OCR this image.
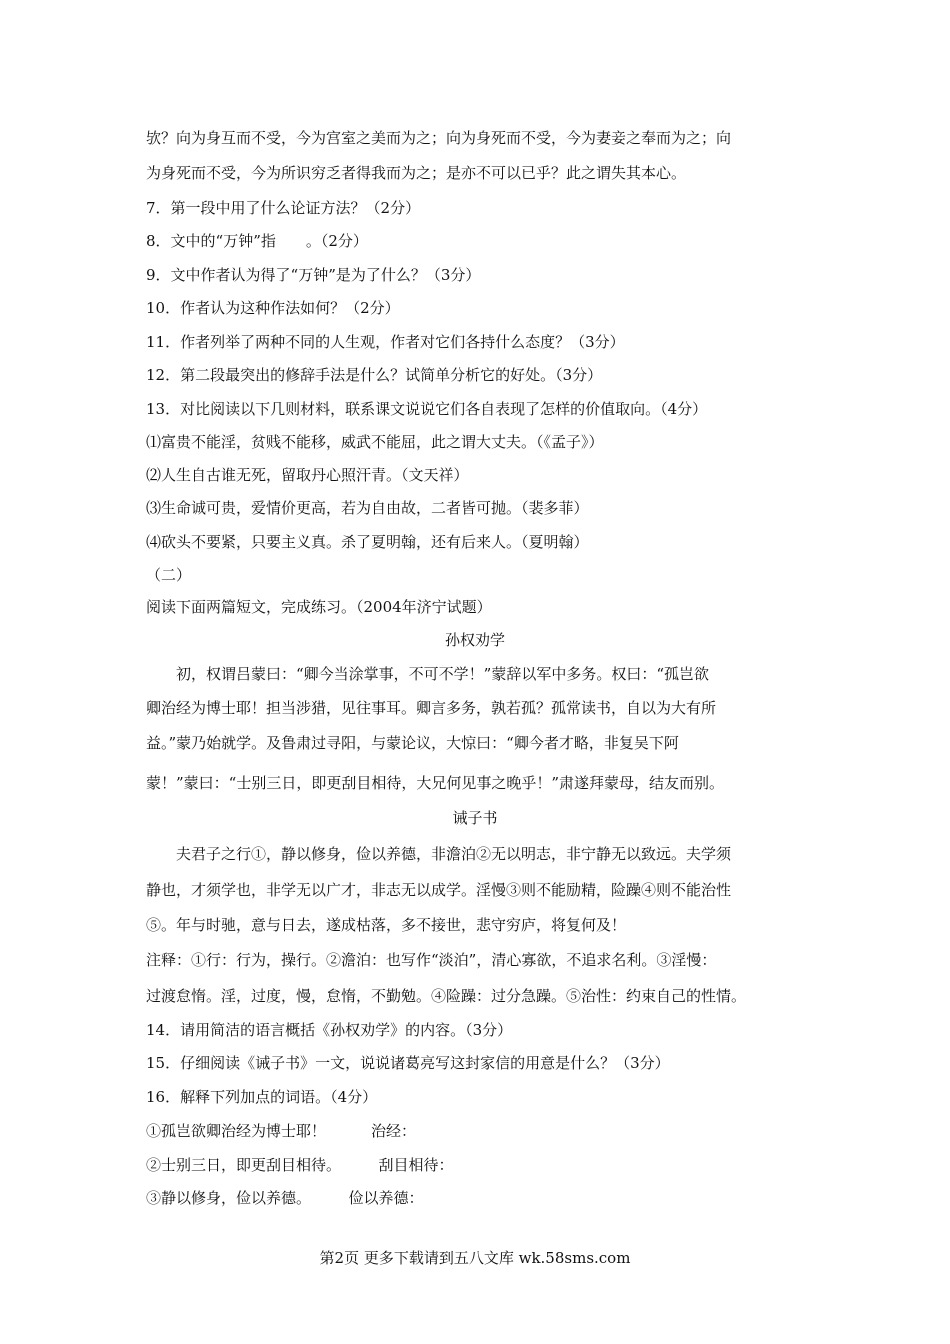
欤？向为身互而不受，今为宫室之美而为之；向为身死而不受，今为妻妾之奉而为之；向
为身死而不受，今为所识穷乏者得我而为之；是亦不可以已乎？此之谓失其本心。
7．第一段中用了什么论证方法？（2分）
8．文中的“万钟”指　　。（2分）
9．文中作者认为得了“万钟”是为了什么？（3分）
10．作者认为这种作法如何？（2分）
11．作者列举了两种不同的人生观，作者对它们各持什么态度？（3分）
12．第二段最突出的修辞手法是什么？试简单分析它的好处。（3分）
13．对比阅读以下几则材料，联系课文说说它们各自表现了怎样的价值取向。（4分）
⑴富贵不能淫，贫贱不能移，威武不能屈，此之谓大丈夫。（《孟子》）
⑵人生自古谁无死，留取丹心照汗青。（文天祥）
⑶生命诚可贵，爱情价更高，若为自由故，二者皆可抛。（裴多菲）
⑷砍头不要紧，只要主义真。杀了夏明翰，还有后来人。（夏明翰）
（二）
阅读下面两篇短文，完成练习。（2004年济宁试题）
孙权劝学
　　初，权谓吕蒙曰：“卿今当涂掌事，不可不学！”蒙辞以军中多务。权曰：“孤岂欲
卿治经为博士耶！担当涉猎，见往事耳。卿言多务，孰若孤？孤常读书，自以为大有所
益。”蒙乃始就学。及鲁肃过寻阳，与蒙论议，大惊曰：“卿今者才略，非复吴下阿
蒙！”蒙曰：“士别三日，即更刮目相待，大兄何见事之晚乎！”肃遂拜蒙母，结友而别。
诫子书
　　夫君子之行①，静以修身，俭以养德，非澹泊②无以明志，非宁静无以致远。夫学须
静也，才须学也，非学无以广才，非志无以成学。淫慢③则不能励精，险躁④则不能治性
⑤。年与时驰，意与日去，遂成枯落，多不接世，悲守穷庐，将复何及！
注释：①行：行为，操行。②澹泊：也写作“淡泊”，清心寡欲，不追求名利。③淫慢：
过渡怠惰。淫，过度，慢，怠惰，不勤勉。④险躁：过分急躁。⑤治性：约束自己的性情。
14．请用简洁的语言概括《孙权劝学》的内容。（3分）
15．仔细阅读《诫子书》一文，说说诸葛亮写这封家信的用意是什么？（3分）
16．解释下列加点的词语。（4分）
①孤岂欲卿治经为博士耶！　　　治经：
②士别三日，即更刮目相待。　　　刮目相待：
③静以修身，俭以养德。　　　俭以养德：
第2页 更多下载请到五八文库 wk.58sms.com
